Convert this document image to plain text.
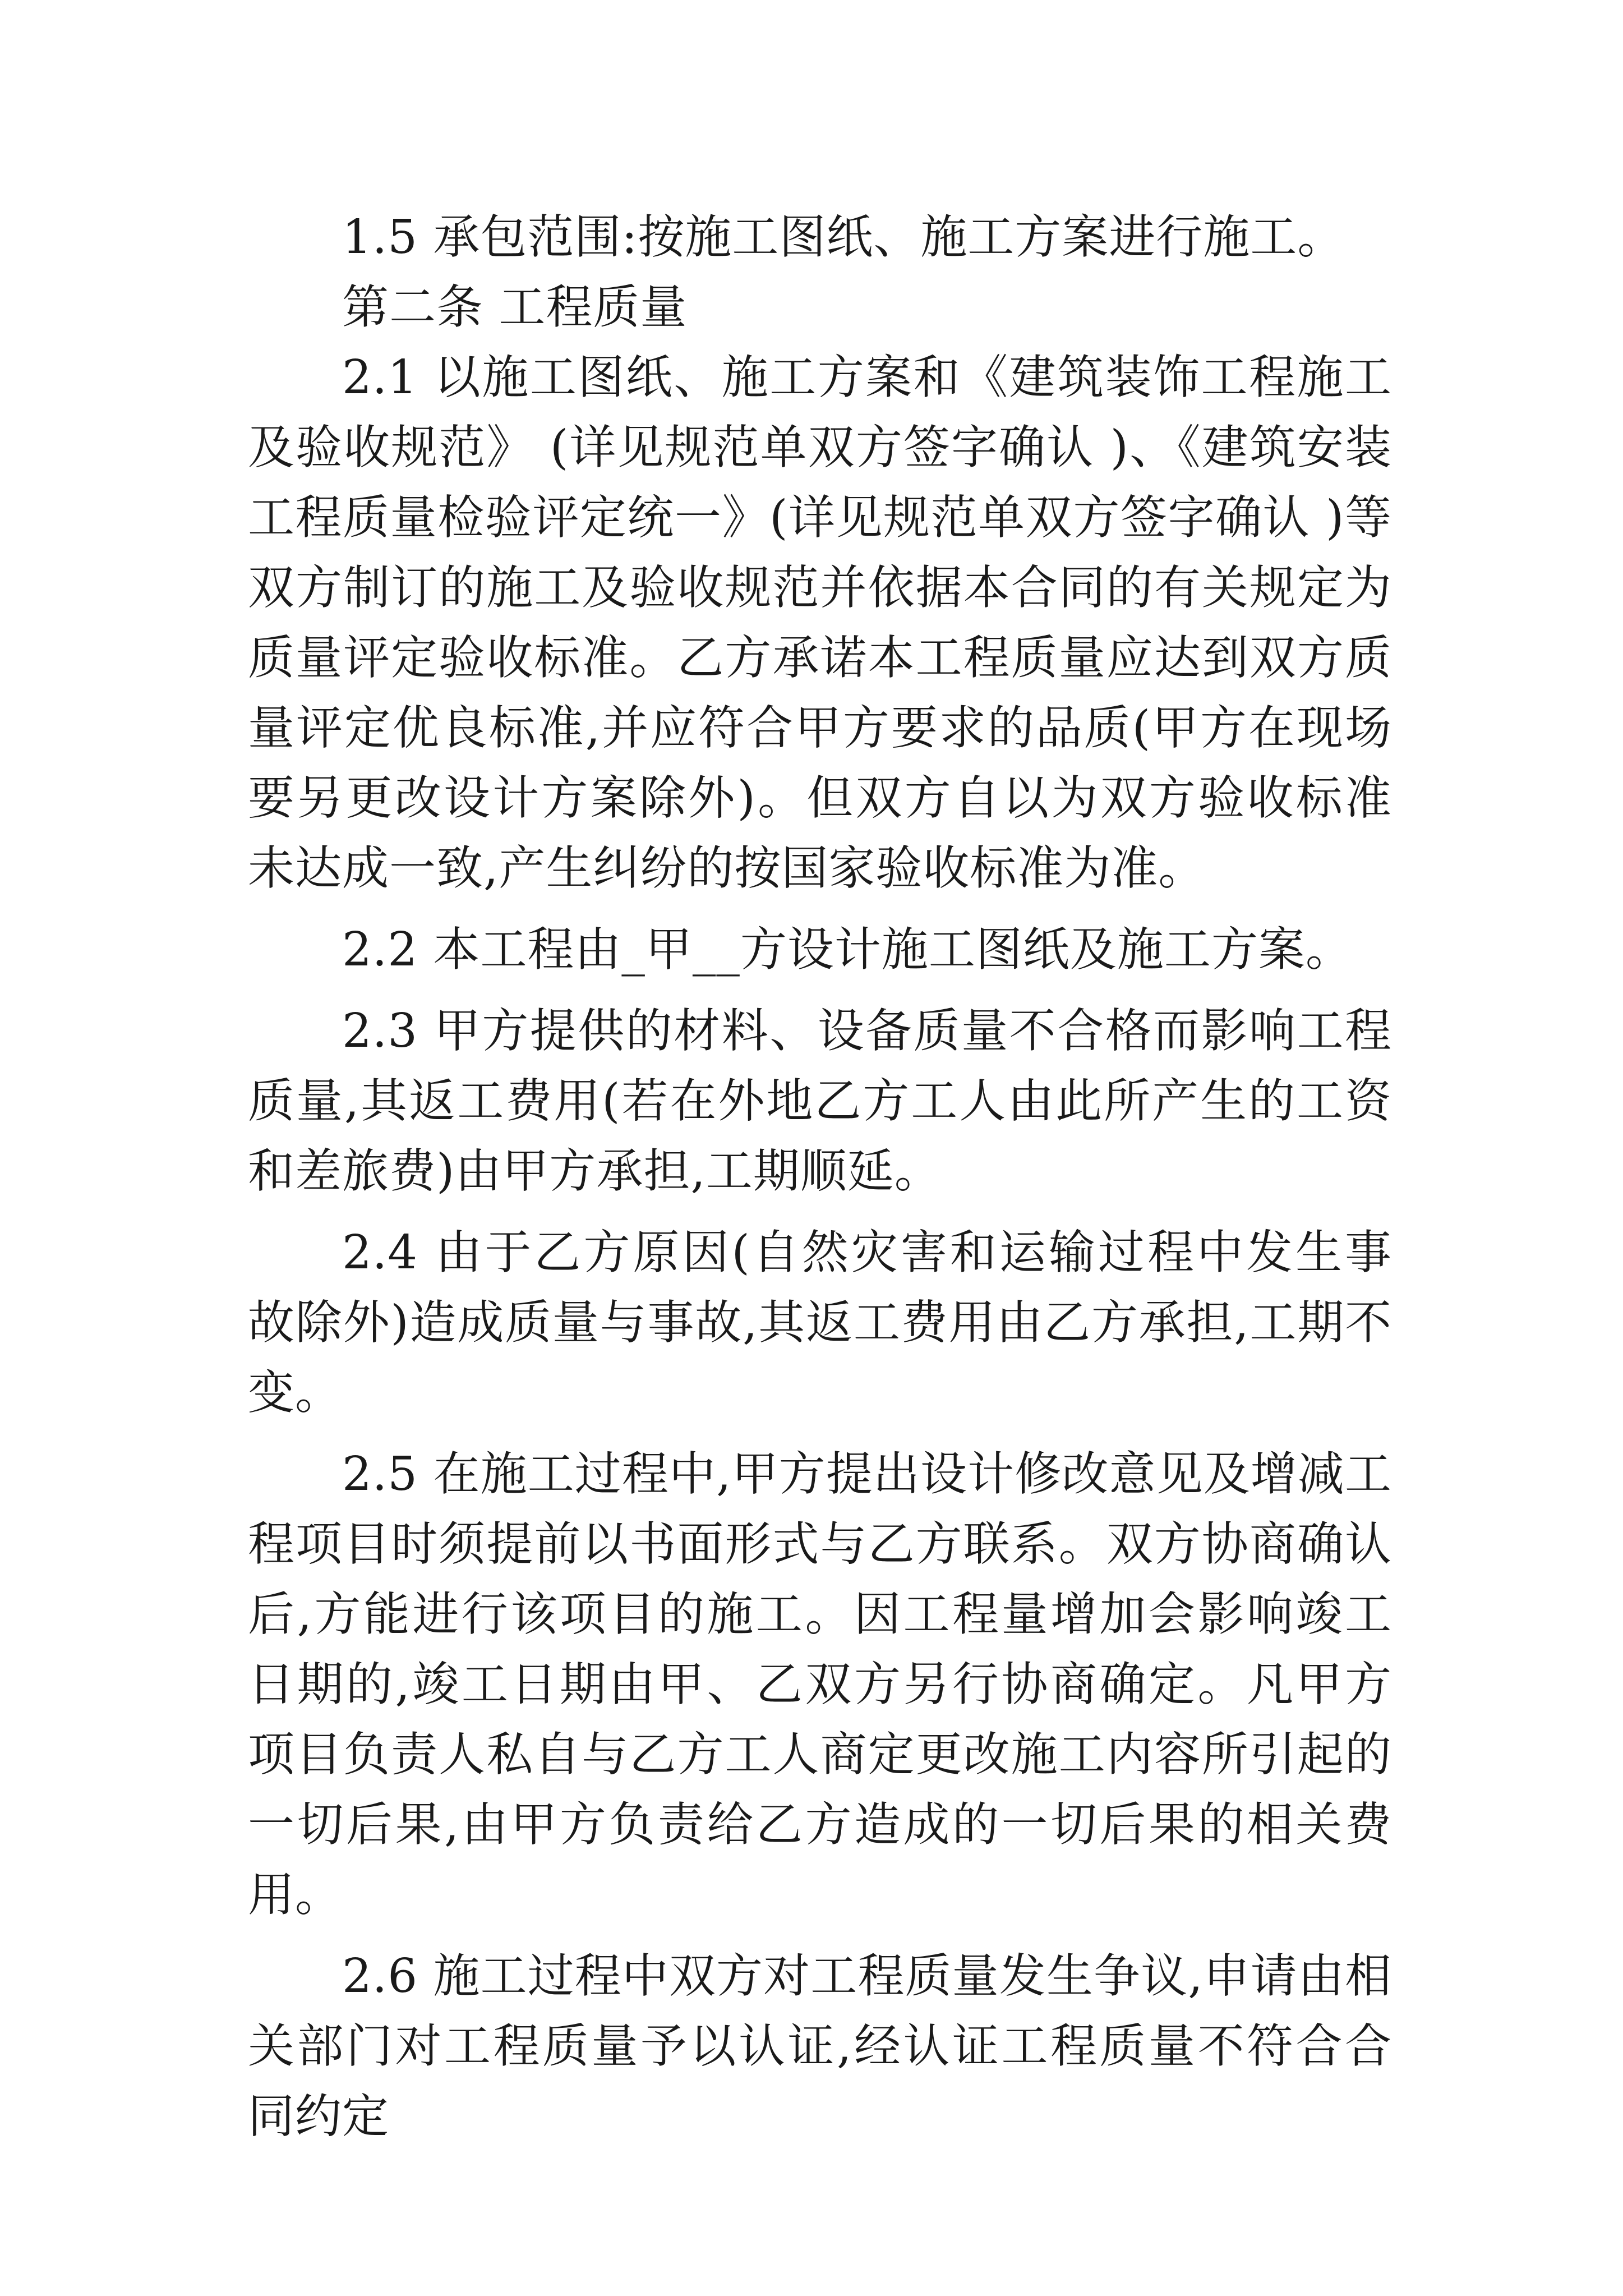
1.5 承包范围:按施工图纸、施工方案进行施工。

第二条 工程质量

2.1 以施工图纸、施工方案和《建筑装饰工程施工及验收规范》 (详见规范单双方签字确认 )、《建筑安装工程质量检验评定统一》(详见规范单双方签字确认 )等双方制订的施工及验收规范并依据本合同的有关规定为质量评定验收标准。乙方承诺本工程质量应达到双方质量评定优良标准,并应符合甲方要求的品质(甲方在现场要另更改设计方案除外)。但双方自以为双方验收标准未达成一致,产生纠纷的按国家验收标准为准。

2.2 本工程由_甲__方设计施工图纸及施工方案。

2.3 甲方提供的材料、设备质量不合格而影响工程质量,其返工费用(若在外地乙方工人由此所产生的工资和差旅费)由甲方承担,工期顺延。

2.4 由于乙方原因(自然灾害和运输过程中发生事故除外)造成质量与事故,其返工费用由乙方承担,工期不变。

2.5 在施工过程中,甲方提出设计修改意见及增减工程项目时须提前以书面形式与乙方联系。双方协商确认后,方能进行该项目的施工。因工程量增加会影响竣工日期的,竣工日期由甲、乙双方另行协商确定。凡甲方项目负责人私自与乙方工人商定更改施工内容所引起的一切后果,由甲方负责给乙方造成的一切后果的相关费用。

2.6 施工过程中双方对工程质量发生争议,申请由相关部门对工程质量予以认证,经认证工程质量不符合合同约定
